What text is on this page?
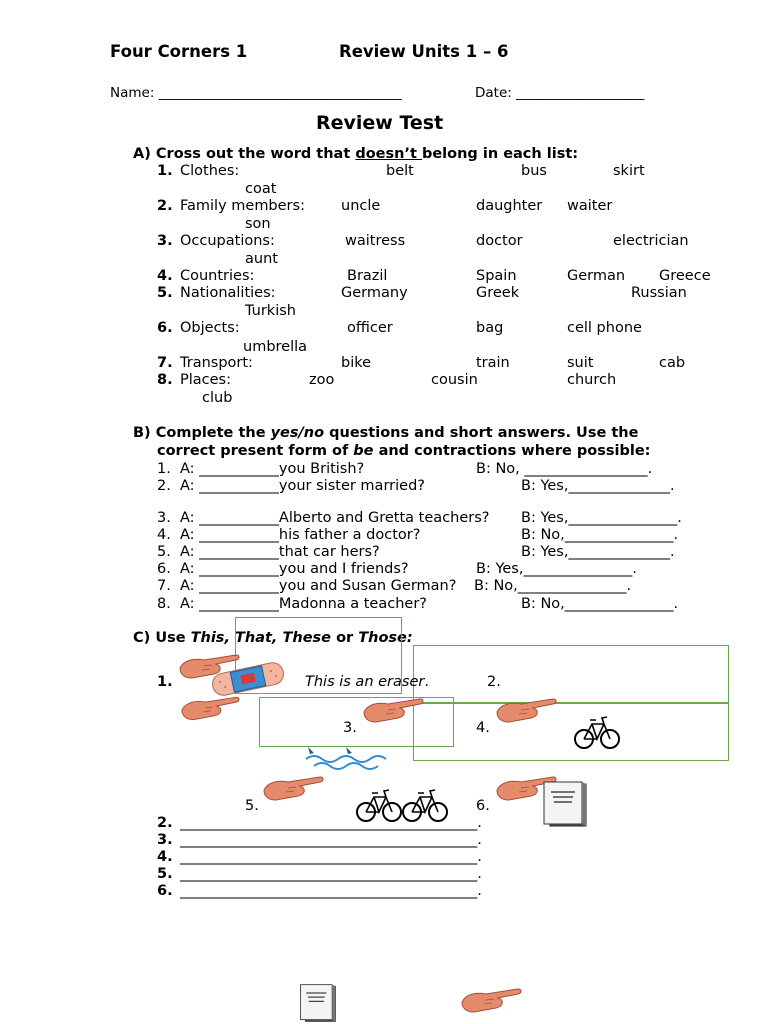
Four Corners 1	Review Units 1 – 6
Name: ____________________________________	Date: ___________________
Review Test
A) Cross out the word that doesn’t belong in each list:
1. Clothes:	belt	bus	skirt
coat
2. Family members: uncle	daughter waiter
son
3. Occupations:	waitress	doctor	electrician
aunt
4. Countries:	Brazil	Spain	German Greece
5. Nationalities:	Germany	Greek	Russian
Turkish
6. Objects:	officer	bag	cell phone
umbrella
7. Transport:	bike	train	suit	cab
8. Places:	zoo	cousin	church
club
B) Complete the yes/no questions and short answers. Use the
correct present form of be and contractions where possible:
1. A: ___________you British?	B: No, _________________.
2. A: ___________your sister married?	B: Yes,______________.
3. A: ___________Alberto and Gretta teachers? B: Yes,_______________.
4. A: ___________his father a doctor?	B: No,_______________.
5. A: ___________that car hers?	B: Yes,______________.
6. A: ___________you and I friends?	B: Yes,_______________.
7. A: ___________you and Susan German? B: No,_______________.
8. A: ___________Madonna a teacher?	B: No,_______________.
C) Use This, That, These or Those:
1.	This is an eraser.	2.
3.	4.
5.	6.
2. _________________________________________.
3. _________________________________________.
4. _________________________________________.
5. _________________________________________.
6. _________________________________________.
